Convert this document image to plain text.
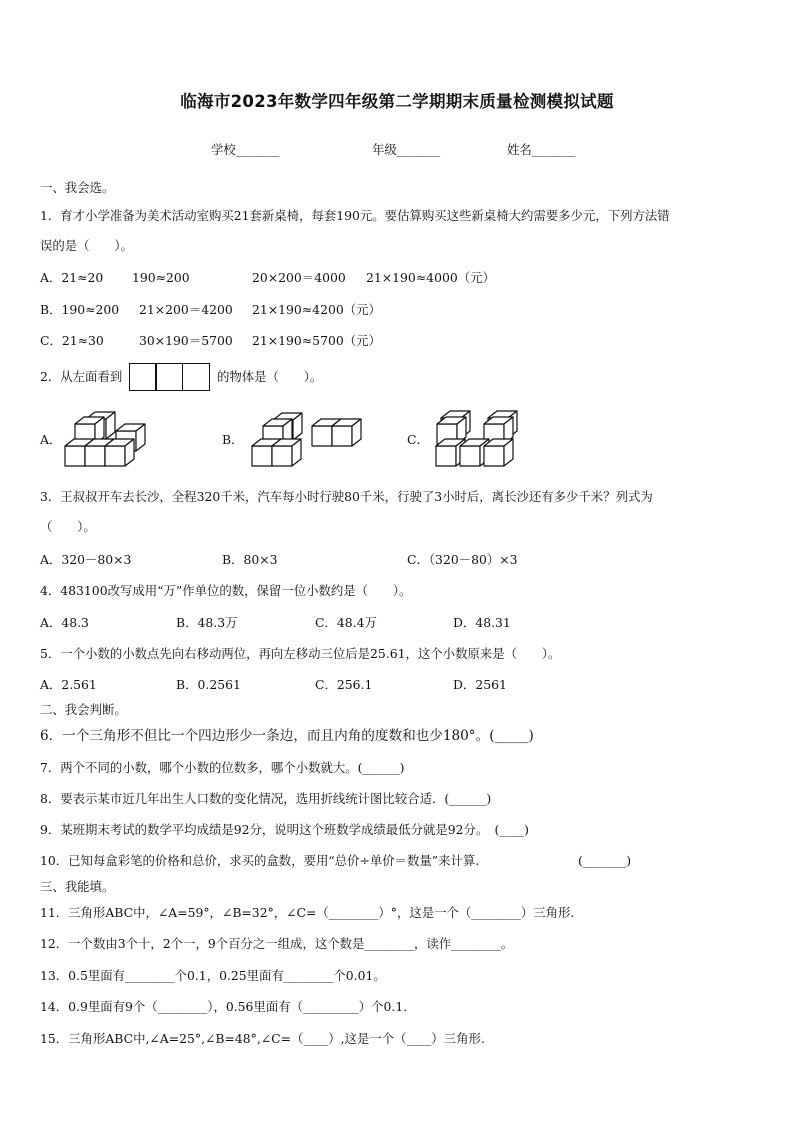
临海市2023年数学四年级第二学期期末质量检测模拟试题
学校_______	年级_______	姓名_______
一、我会选。
1．育才小学准备为美术活动室购买21套新桌椅，每套190元。要估算购买这些新桌椅大约需要多少元，下列方法错
误的是（　　）。
A．21≈20 190≈200	20×200＝4000 21×190≈4000（元）
B．190≈200 21×200＝4200 21×190≈4200（元）
C．21≈30	30×190＝5700 21×190≈5700（元）
2．从左面看到	的物体是（　　）。
A．	B．	C．
3．王叔叔开车去长沙，全程320千米，汽车每小时行驶80千米，行驶了3小时后，离长沙还有多少千米？列式为
（　　）。
A．320－80×3	B．80×3	C．（320－80）×3
4．483100改写成用“万”作单位的数，保留一位小数约是（　　）。
A．48.3	B．48.3万	C．48.4万	D．48.31
5．一个小数的小数点先向右移动两位，再向左移动三位后是25.61，这个小数原来是（　　）。
A．2.561	B．0.2561	C．256.1	D．2561
二、我会判断。
6．一个三角形不但比一个四边形少一条边，而且内角的度数和也少180°。(_____)
7．两个不同的小数，哪个小数的位数多，哪个小数就大。(______)
8．要表示某市近几年出生人口数的变化情况，选用折线统计图比较合适．(______)
9．某班期末考试的数学平均成绩是92分，说明这个班数学成绩最低分就是92分。　(____)
10．已知每盒彩笔的价格和总价，求买的盒数，要用“总价÷单价＝数量”来计算.	(_______)
三、我能填。
11．三角形ABC中，∠A=59°，∠B=32°，∠C=（________）°，这是一个（________）三角形.
12．一个数由3个十，2个一，9个百分之一组成，这个数是________，读作________。
13．0.5里面有________个0.1，0.25里面有________个0.01。
14．0.9里面有9个（________），0.56里面有（_________）个0.1.
15．三角形ABC中,∠A=25°,∠B=48°,∠C=（____）,这是一个（____）三角形.
